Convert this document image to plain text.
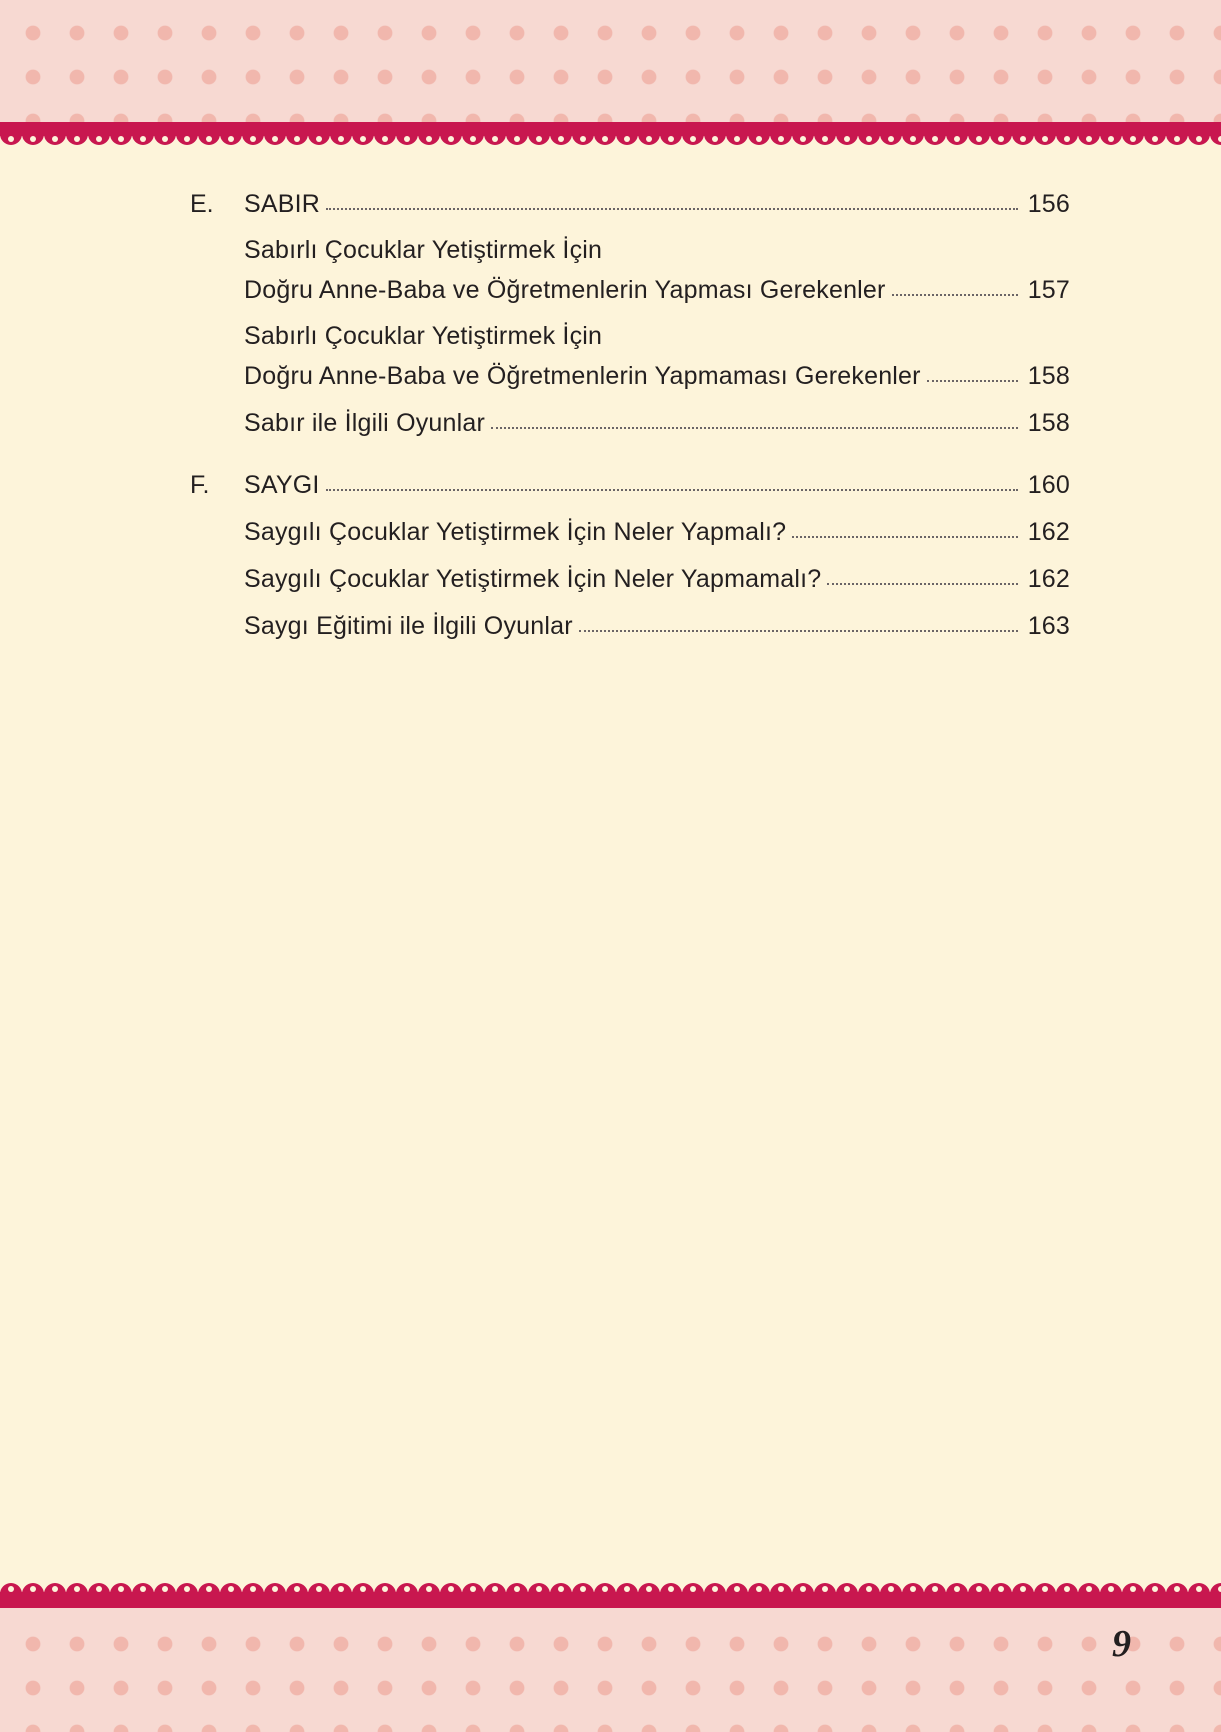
E. SABIR	156
Sabırlı Çocuklar Yetiştirmek İçin
Doğru Anne-Baba ve Öğretmenlerin Yapması Gerekenler	157
Sabırlı Çocuklar Yetiştirmek İçin
Doğru Anne-Baba ve Öğretmenlerin Yapmaması Gerekenler	158
Sabır ile İlgili Oyunlar	158
F. SAYGI	160
Saygılı Çocuklar Yetiştirmek İçin Neler Yapmalı?	162
Saygılı Çocuklar Yetiştirmek İçin Neler Yapmamalı?	162
Saygı Eğitimi ile İlgili Oyunlar	163
9
